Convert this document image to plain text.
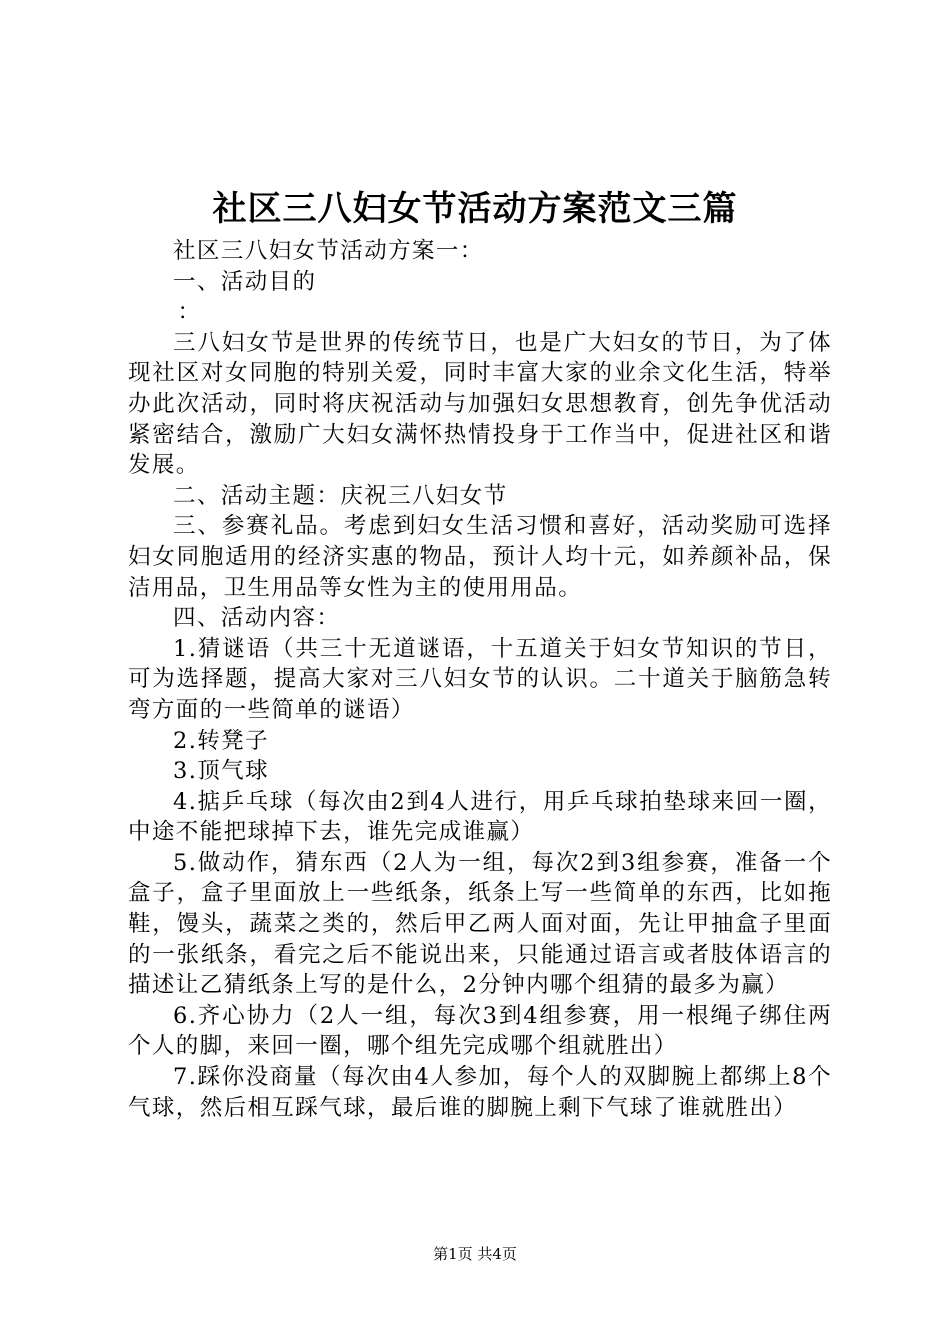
社区三八妇女节活动方案范文三篇

社区三八妇女节活动方案一：

一、活动目的

：

三八妇女节是世界的传统节日，也是广大妇女的节日，为了体现社区对女同胞的特别关爱，同时丰富大家的业余文化生活，特举办此次活动，同时将庆祝活动与加强妇女思想教育，创先争优活动紧密结合，激励广大妇女满怀热情投身于工作当中，促进社区和谐发展。

二、活动主题：庆祝三八妇女节

三、参赛礼品。考虑到妇女生活习惯和喜好，活动奖励可选择妇女同胞适用的经济实惠的物品，预计人均十元，如养颜补品，保洁用品，卫生用品等女性为主的使用用品。

四、活动内容：

1.猜谜语（共三十无道谜语，十五道关于妇女节知识的节日，可为选择题，提高大家对三八妇女节的认识。二十道关于脑筋急转弯方面的一些简单的谜语）

2.转凳子

3.顶气球

4.掂乒乓球（每次由2到4人进行，用乒乓球拍垫球来回一圈，中途不能把球掉下去，谁先完成谁赢）

5.做动作，猜东西（2人为一组，每次2到3组参赛，准备一个盒子，盒子里面放上一些纸条，纸条上写一些简单的东西，比如拖鞋，馒头，蔬菜之类的，然后甲乙两人面对面，先让甲抽盒子里面的一张纸条，看完之后不能说出来，只能通过语言或者肢体语言的描述让乙猜纸条上写的是什么，2分钟内哪个组猜的最多为赢）

6.齐心协力（2人一组，每次3到4组参赛，用一根绳子绑住两个人的脚，来回一圈，哪个组先完成哪个组就胜出）

7.踩你没商量（每次由4人参加，每个人的双脚腕上都绑上8个气球，然后相互踩气球，最后谁的脚腕上剩下气球了谁就胜出）

第1页 共4页
